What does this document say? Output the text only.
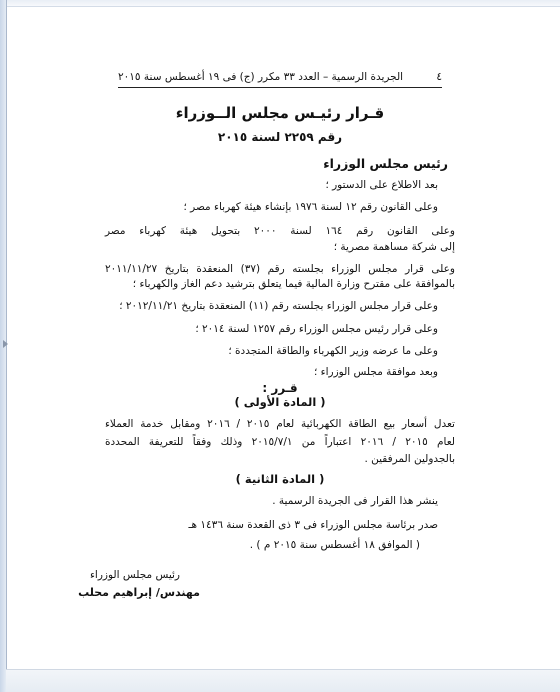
٤
الجريدة الرسمية – العدد ٣٣ مكرر (ج) فى ١٩ أغسطس سنة ٢٠١٥
قـرار رئيـس مجلس الــوزراء
رقم ٢٢٥٩ لسنة ٢٠١٥
رئيس مجلس الوزراء
بعد الاطلاع على الدستور ؛
وعلى القانون رقم ١٢ لسنة ١٩٧٦ بإنشاء هيئة كهرباء مصر ؛
وعلى القانون رقم ١٦٤ لسنة ٢٠٠٠ بتحويل هيئة كهرباء مصر
إلى شركة مساهمة مصرية ؛
وعلى قرار مجلس الوزراء بجلسته رقم (٣٧) المنعقدة بتاريخ ٢٠١١/١١/٢٧
بالموافقة على مقترح وزارة المالية فيما يتعلق بترشيد دعم الغاز والكهرباء ؛
وعلى قرار مجلس الوزراء بجلسته رقم (١١) المنعقدة بتاريخ ٢٠١٢/١١/٢١ ؛
وعلى قرار رئيس مجلس الوزراء رقم ١٢٥٧ لسنة ٢٠١٤ ؛
وعلى ما عرضه وزير الكهرباء والطاقة المتجددة ؛
وبعد موافقة مجلس الوزراء ؛
قـرر :
( المادة الأولى )
تعدل أسعار بيع الطاقة الكهربائية لعام ٢٠١٥ / ٢٠١٦ ومقابل خدمة العملاء
لعام ٢٠١٥ / ٢٠١٦ اعتباراً من ٢٠١٥/٧/١ وذلك وفقاً للتعريفة المحددة
بالجدولين المرفقين .
( المادة الثانية )
ينشر هذا القرار فى الجريدة الرسمية .
صدر برئاسة مجلس الوزراء فى ٣ ذى القعدة سنة ١٤٣٦ هـ
( الموافق ١٨ أغسطس سنة ٢٠١٥ م ) .
رئيس مجلس الوزراء
مهندس/ إبراهيم محلب
